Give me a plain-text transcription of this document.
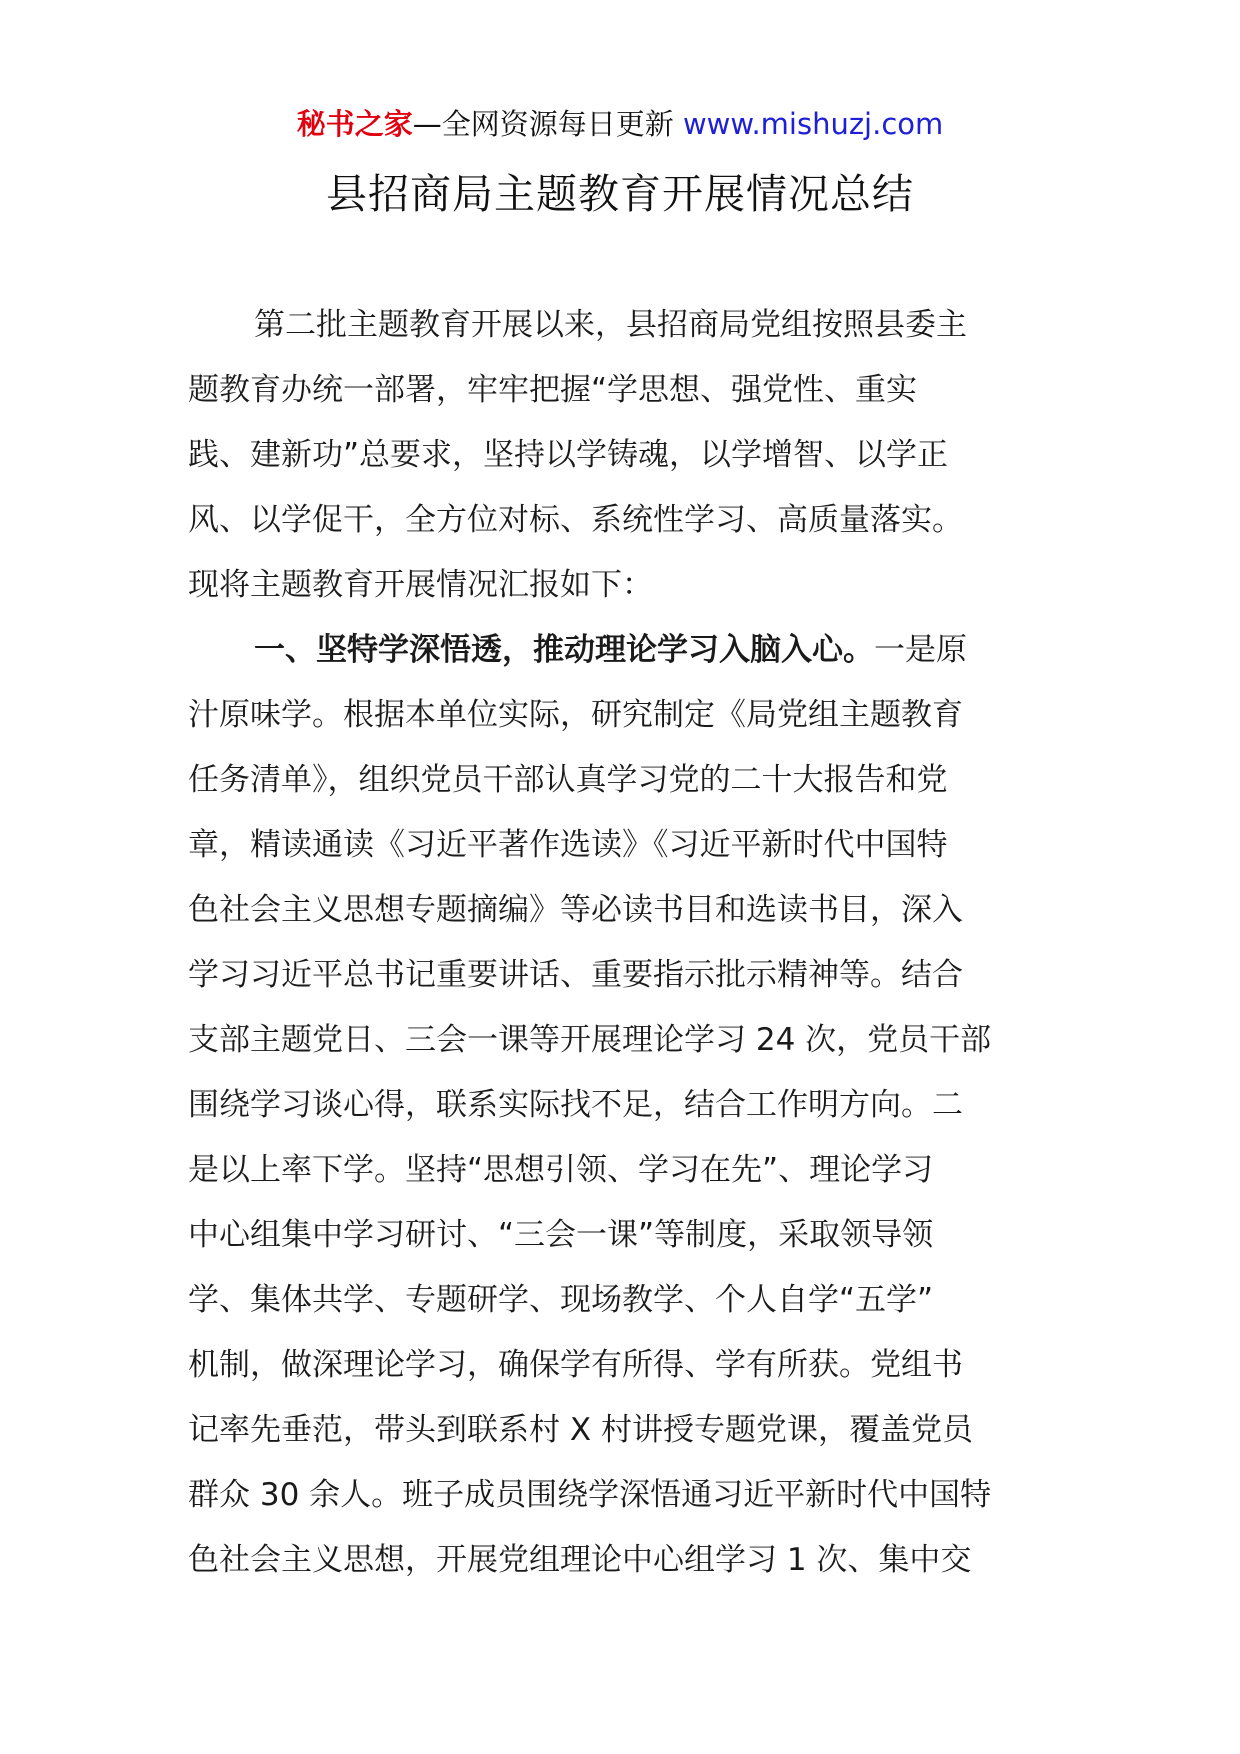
秘书之家—全网资源每日更新 www.mishuzj.com
县招商局主题教育开展情况总结
第二批主题教育开展以来，县招商局党组按照县委主
题教育办统一部署，牢牢把握“学思想、强党性、重实
践、建新功”总要求，坚持以学铸魂，以学增智、以学正
风、以学促干，全方位对标、系统性学习、高质量落实。
现将主题教育开展情况汇报如下：
一、坚特学深悟透，推动理论学习入脑入心。一是原
汁原味学。根据本单位实际，研究制定《局党组主题教育
任务清单》，组织党员干部认真学习党的二十大报告和党
章，精读通读《习近平著作选读》《习近平新时代中国特
色社会主义思想专题摘编》等必读书目和选读书目，深入
学习习近平总书记重要讲话、重要指示批示精神等。结合
支部主题党日、三会一课等开展理论学习 24 次，党员干部
围绕学习谈心得，联系实际找不足，结合工作明方向。二
是以上率下学。坚持“思想引领、学习在先”、理论学习
中心组集中学习研讨、“三会一课”等制度，采取领导领
学、集体共学、专题研学、现场教学、个人自学“五学”
机制，做深理论学习，确保学有所得、学有所获。党组书
记率先垂范，带头到联系村 X 村讲授专题党课，覆盖党员
群众 30 余人。班子成员围绕学深悟通习近平新时代中国特
色社会主义思想，开展党组理论中心组学习 1 次、集中交
